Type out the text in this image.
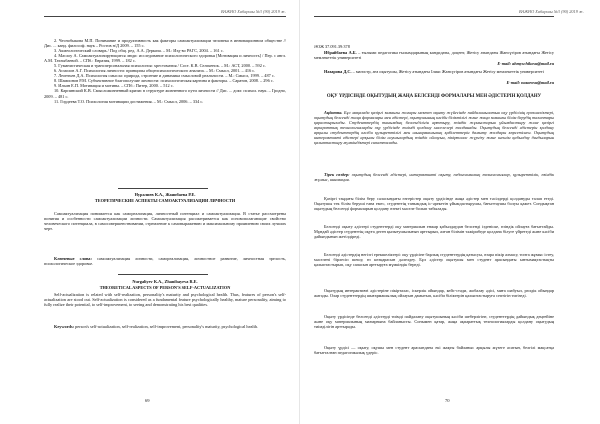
ВАЖНО Хабаршы №3 (90) 2019 ж.
2. Чеснобыкова М.П. Понимание и продуктивность как факторы самоактуализации человека в инновационном обществе // Дис. ... канд. философ. наук – Ростов н/Д 2009. – 155 с.
3. Акмеологический словарь / Под общ. ред. А.А. Деркача. – М.: Изд-во РАГС, 2004. – 161 с.
4. Маслоу А. Самоактуализирующиеся люди: исследование психологического здоровья [Мотивация и личность] / Пер. с англ. А.М. Татлыбаевой. – СПб.: Евразия, 1999. – 182 с.
5. Гуманистическая и трансперсональная психология: хрестоматия / Сост. К.В. Сельченок. – М.: АСТ, 2000. – 592 с.
6. Асмолов А.Г. Психология личности: принципы общепсихологического анализа. – М.: Смысл, 2001. – 416 с.
7. Леонтьев Д.А. Психология смысла: природа, строение и динамика смысловой реальности. – М.: Смысл, 1999. – 487 с.
8. Шамионов Р.М. Субъективное благополучие личности: психологическая картина и факторы. – Саратов, 2008. – 296 с.
9. Ильин Е.П. Мотивация и мотивы. – СПб.: Питер, 2000. – 512 с.
10. Карпинский К.В. Смысложизненный кризис в структуре жизненного пути личности // Дис. ... докт. психол. наук. – Гродно, 2009. – 481 с.
11. Гордеева Т.О. Психология мотивации достижения. – М.: Смысл, 2006. – 334 с.
Нуралиев К.А., Жанибаева Р.Е.
ТЕОРЕТИЧЕСКИЕ АСПЕКТЫ САМОАКТУАЛИЗАЦИИ ЛИЧНОСТИ
Самоактуализация понимается как самореализация, личностный потенциал и самоактуализация. В статье рассмотрены понятия и особенности самоактуализации личности. Самоактуализация рассматривается как основополагающие свойство человеческого потенциала, в самосовершенствовании, стремление к самовыражению и максимальному проявлению своих лучших черт.
Ключевые слова: самоактуализация личности, самореализация, личностное развитие, личностная зрелость, психологическое здоровье.
Nurgaliyev K.A., Zhanibayeva R.E.
THEORETICAL ASPECTS OF PERSON'S SELF-ACTUALIZATION
Self-actualization is related with self-realization, personality's maturity and psychological health. Thus, features of person's self-actualization are stood out. Self-actualization is considered as a fundamental feature psychologically healthy, mature personality, aiming to fully realize their potential, to self-improvement, to seeing and demonstrating his best qualities.
Keywords: person's self-actualization, self-realization, self-improvement, personality's maturity, psychological health.
69
ВАЖНО Хабаршы №3 (90) 2019 ж.
ӘОЖ 37.091.39:378
Ибрайбаева А.Б. – ғылыми педагогика ғылымдарының кандидаты, доцент, Жетісу атындағы Жансүгіров атындағы Жетісу мемлекеттік университеті
E-mail: ahmyschikova@mail.ru
Назарова Д.С. – магистр, аға оқытушы, Жетісу атындағы Ілияс Жансүгіров атындағы Жетісу мемлекеттік университеті
E-mail: nazarova@mail.ru
ОҚУ ҮРДІСІНДЕ ОҚЫТУДЫҢ ЖАҢА БЕЛСЕНДІ ФОРМАЛАРЫ МЕН ӘДІСТЕРІН ҚОЛДАНУ
Аңдатпа. Бұл мақалада қазіргі заманғы жоғары мектеп оқыту жүйесінде пайдаланылатын оқу үрдісінің ерекшеліктері, оқытудың белсенді жаңа формалары мен әдістері, оқытушының кәсіби біліктілігі және жаңа заманғы білім берудің талаптары қарастырылады. Студенттердің танымдық белсенділігін арттыру, өзіндік жұмыстарын ұйымдастыру және қазіргі ақпараттық технологияларды оқу үрдісінде тиімді қолдану мәселелері талданады. Оқытудың белсенді әдістерін қолдану арқылы студенттердің кәсіби құзыреттілігі мен шығармашылық қабілеттерін дамыту жолдары көрсетілген. Оқытудың интерактивті әдістері арқылы білім алушылардың өзіндік ойлауын, пікірталас жүргізу және шешім қабылдау дағдыларын қалыптастыру мүмкіндіктері сипатталады.
Тірек сөздер: оқытудың белсенді әдістері, интерактивті оқыту, педагогикалық технологиялар, құзыреттілік, өзіндік жұмыс, инновация.
Қазіргі таңдағы білім беру саласындағы өзгерістер оқыту үрдісінде жаңа әдістер мен тәсілдерді қолдануды талап етеді. Оқытушы тек білім беруші ғана емес, студенттің танымдық іс-әрекетін ұйымдастырушы, бағыттаушы болуы қажет. Сондықтан оқытудың белсенді формаларын қолдану өзекті мәселе болып табылады.
Белсенді оқыту әдістері студенттерді оқу материалын енжар қабылдаудан белсенді ізденіске, өзіндік ойлауға бағыттайды. Мұндай әдістер студенттің оқуға деген қызығушылығын арттырып, алған білімін тәжірибеде қолдана білуге үйретеді және кәсіби дайындығын жетілдіреді.
Белсенді әдістердің негізгі ерекшеліктері: оқу үрдісіне барлық студенттердің қатысуы, өзара пікір алмасу, топта жұмыс істеу, мәселені бірлесіп шешу, өз көзқарасын дәлелдеу. Бұл әдістер оқытушы мен студент арасындағы ынтымақтастықты қалыптастырып, оқу сапасын арттыруға мүмкіндік береді.
Оқытудың интерактивті әдістеріне пікірталас, іскерлік ойындар, кейс-стади, жобалау әдісі, миға шабуыл, рөлдік ойындар жатады. Олар студенттердің шығармашылық ойлауын дамытып, кәсіби біліктерін қалыптастыруға септігін тигізеді.
Оқыту үрдісінде белсенді әдістерді тиімді пайдалану оқытушының кәсіби шеберлігіне, студенттердің дайындық деңгейіне және оқу материалының мазмұнына байланысты. Сонымен қатар, жаңа ақпараттық технологияларды қолдану оқытудың тиімділігін арттырады.
Оқыту үрдісі — оқыту, оқушы мен студент арасындағы екі жақты байланыс арқылы жүзеге асатын, белгілі мақсатқа бағытталған педагогикалық үдеріс.
70
